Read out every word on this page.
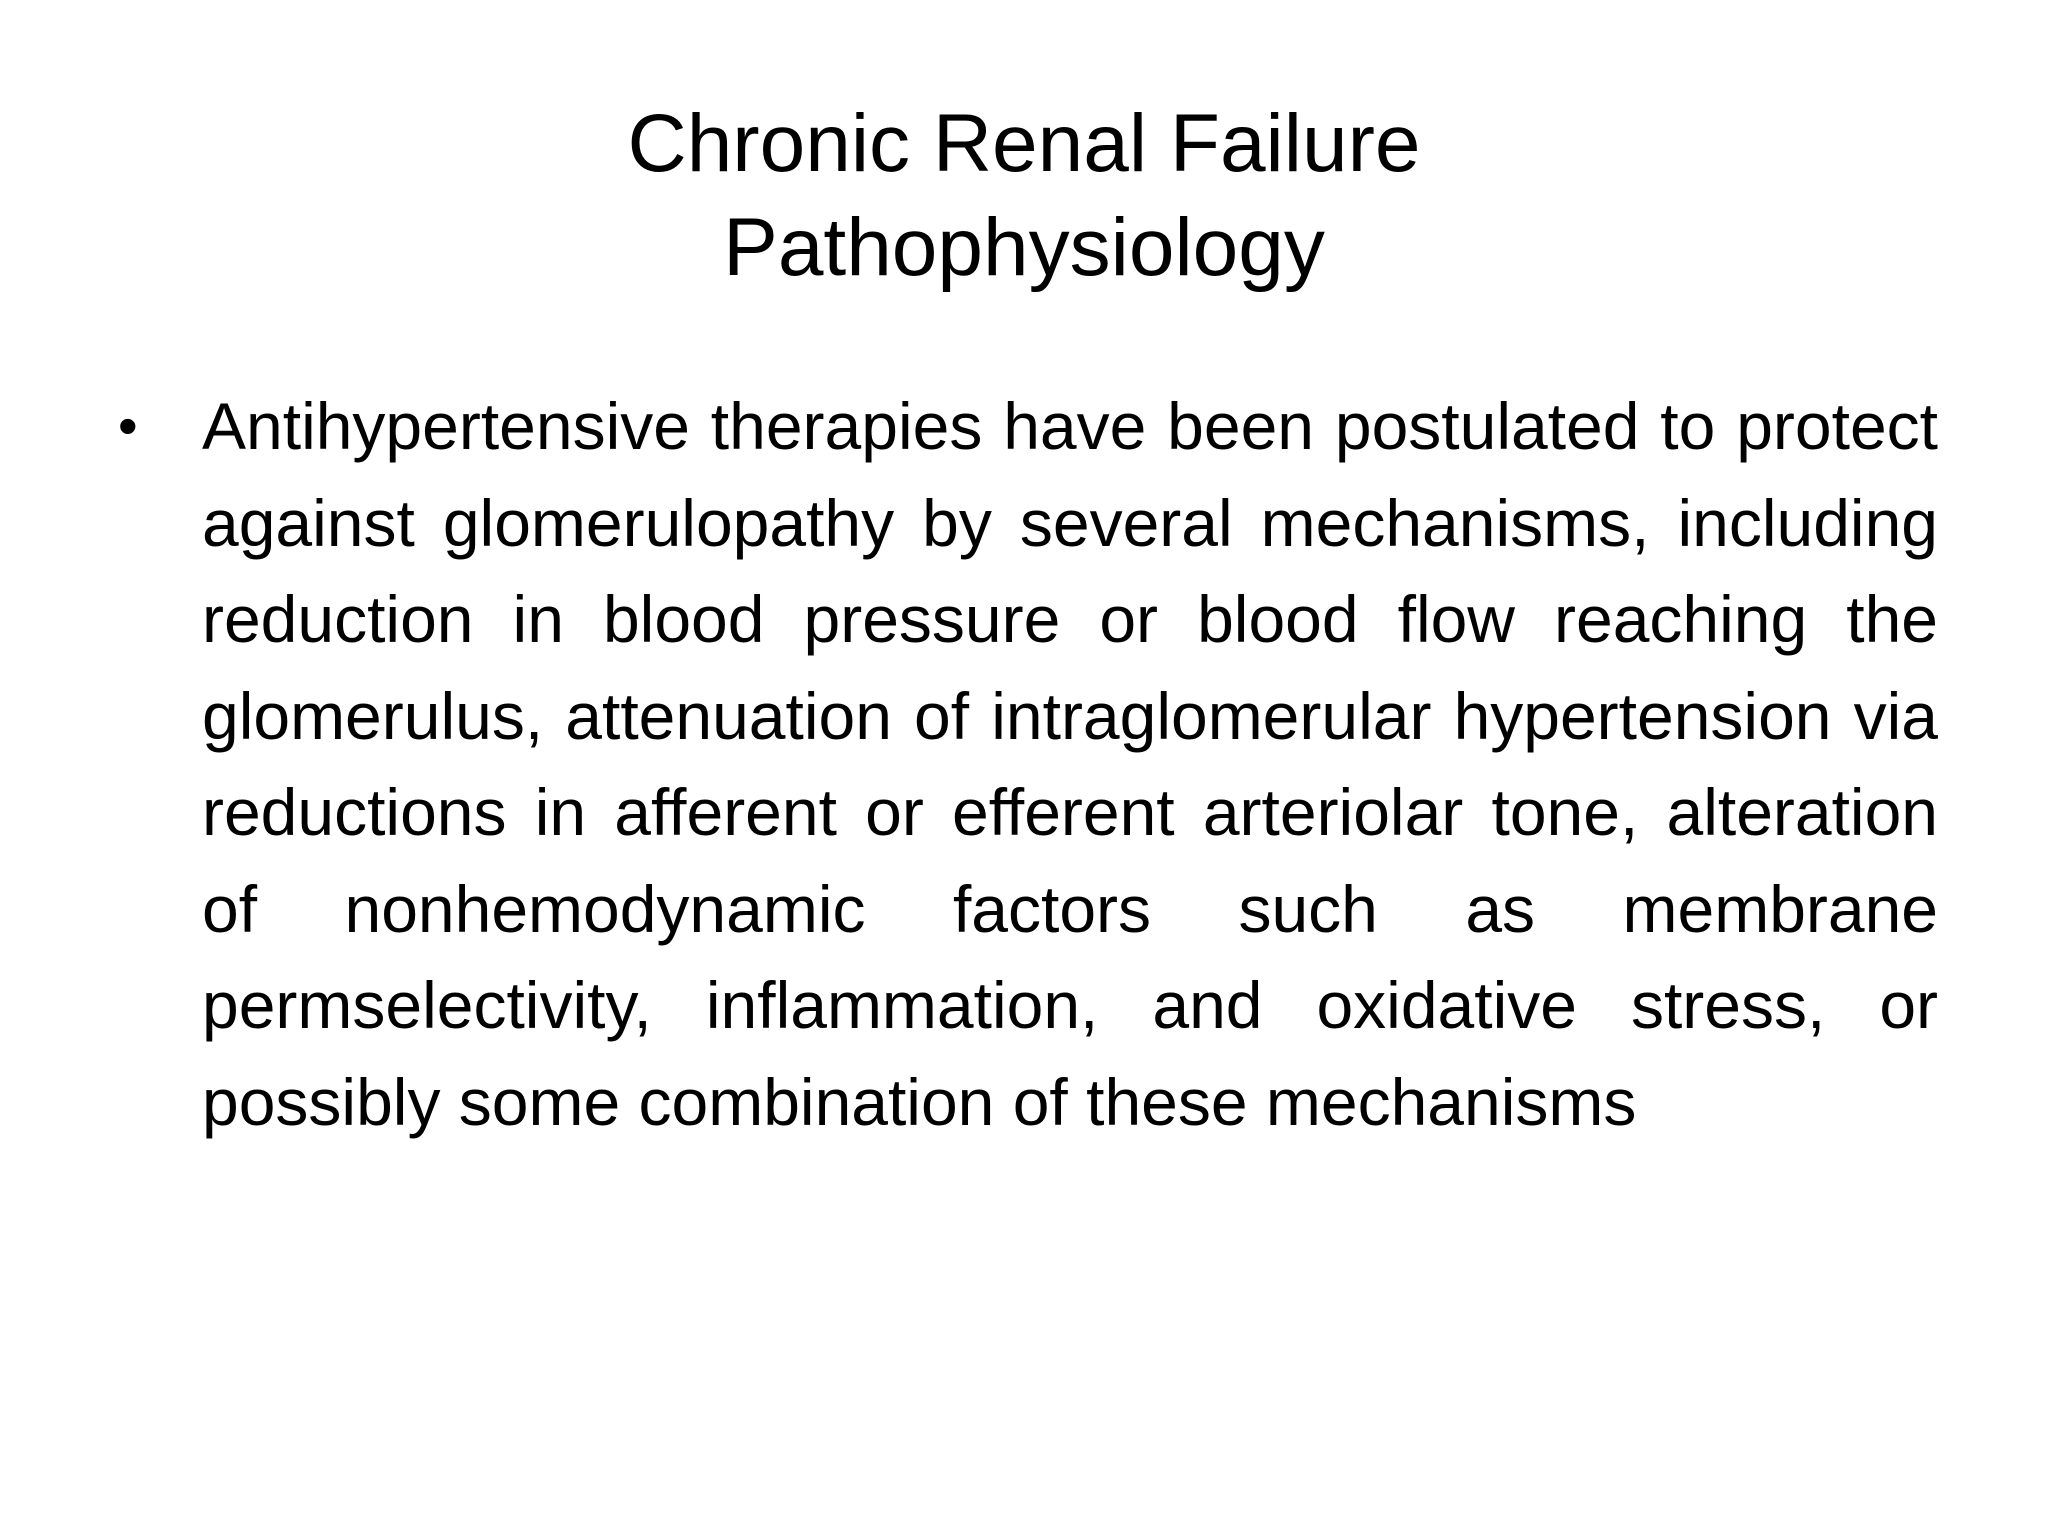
Chronic Renal Failure
Pathophysiology
• Antihypertensive therapies have been postulated to protect against glomerulopathy by several mechanisms, including reduction in blood pressure or blood flow reaching the glomerulus, attenuation of intraglomerular hypertension via reductions in afferent or efferent arteriolar tone, alteration of nonhemodynamic factors such as membrane permselectivity, inflammation, and oxidative stress, or possibly some combination of these mechanisms
